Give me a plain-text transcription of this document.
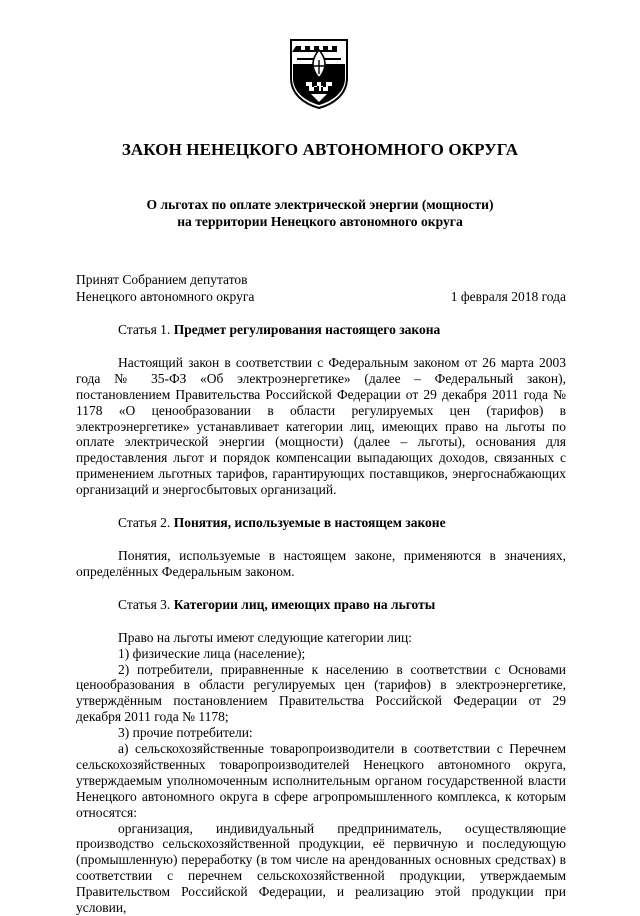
ЗАКОН НЕНЕЦКОГО АВТОНОМНОГО ОКРУГА
О льготах по оплате электрической энергии (мощности)
на территории Ненецкого автономного округа
Принят Собранием депутатов
Ненецкого автономного округа	1 февраля 2018 года
Статья 1. Предмет регулирования настоящего закона

Настоящий закон в соответствии с Федеральным законом от 26 марта 2003 года № 35-ФЗ «Об электроэнергетике» (далее – Федеральный закон), постановлением Правительства Российской Федерации от 29 декабря 2011 года № 1178 «О ценообразовании в области регулируемых цен (тарифов) в электроэнергетике» устанавливает категории лиц, имеющих право на льготы по оплате электрической энергии (мощности) (далее – льготы), основания для предоставления льгот и порядок компенсации выпадающих доходов, связанных с применением льготных тарифов, гарантирующих поставщиков, энергоснабжающих организаций и энергосбытовых организаций.

Статья 2. Понятия, используемые в настоящем законе

Понятия, используемые в настоящем законе, применяются в значениях, определённых Федеральным законом.

Статья 3. Категории лиц, имеющих право на льготы

Право на льготы имеют следующие категории лиц:

1) физические лица (население);

2) потребители, приравненные к населению в соответствии с Основами ценообразования в области регулируемых цен (тарифов) в электроэнергетике, утверждённым постановлением Правительства Российской Федерации от 29 декабря 2011 года № 1178;

3) прочие потребители:

а) сельскохозяйственные товаропроизводители в соответствии с Перечнем сельскохозяйственных товаропроизводителей Ненецкого автономного округа, утверждаемым уполномоченным исполнительным органом государственной власти Ненецкого автономного округа в сфере агропромышленного комплекса, к которым относятся:

организация, индивидуальный предприниматель, осуществляющие производство сельскохозяйственной продукции, её первичную и последующую (промышленную) переработку (в том числе на арендованных основных средствах) в соответствии с перечнем сельскохозяйственной продукции, утверждаемым Правительством Российской Федерации, и реализацию этой продукции при условии,
